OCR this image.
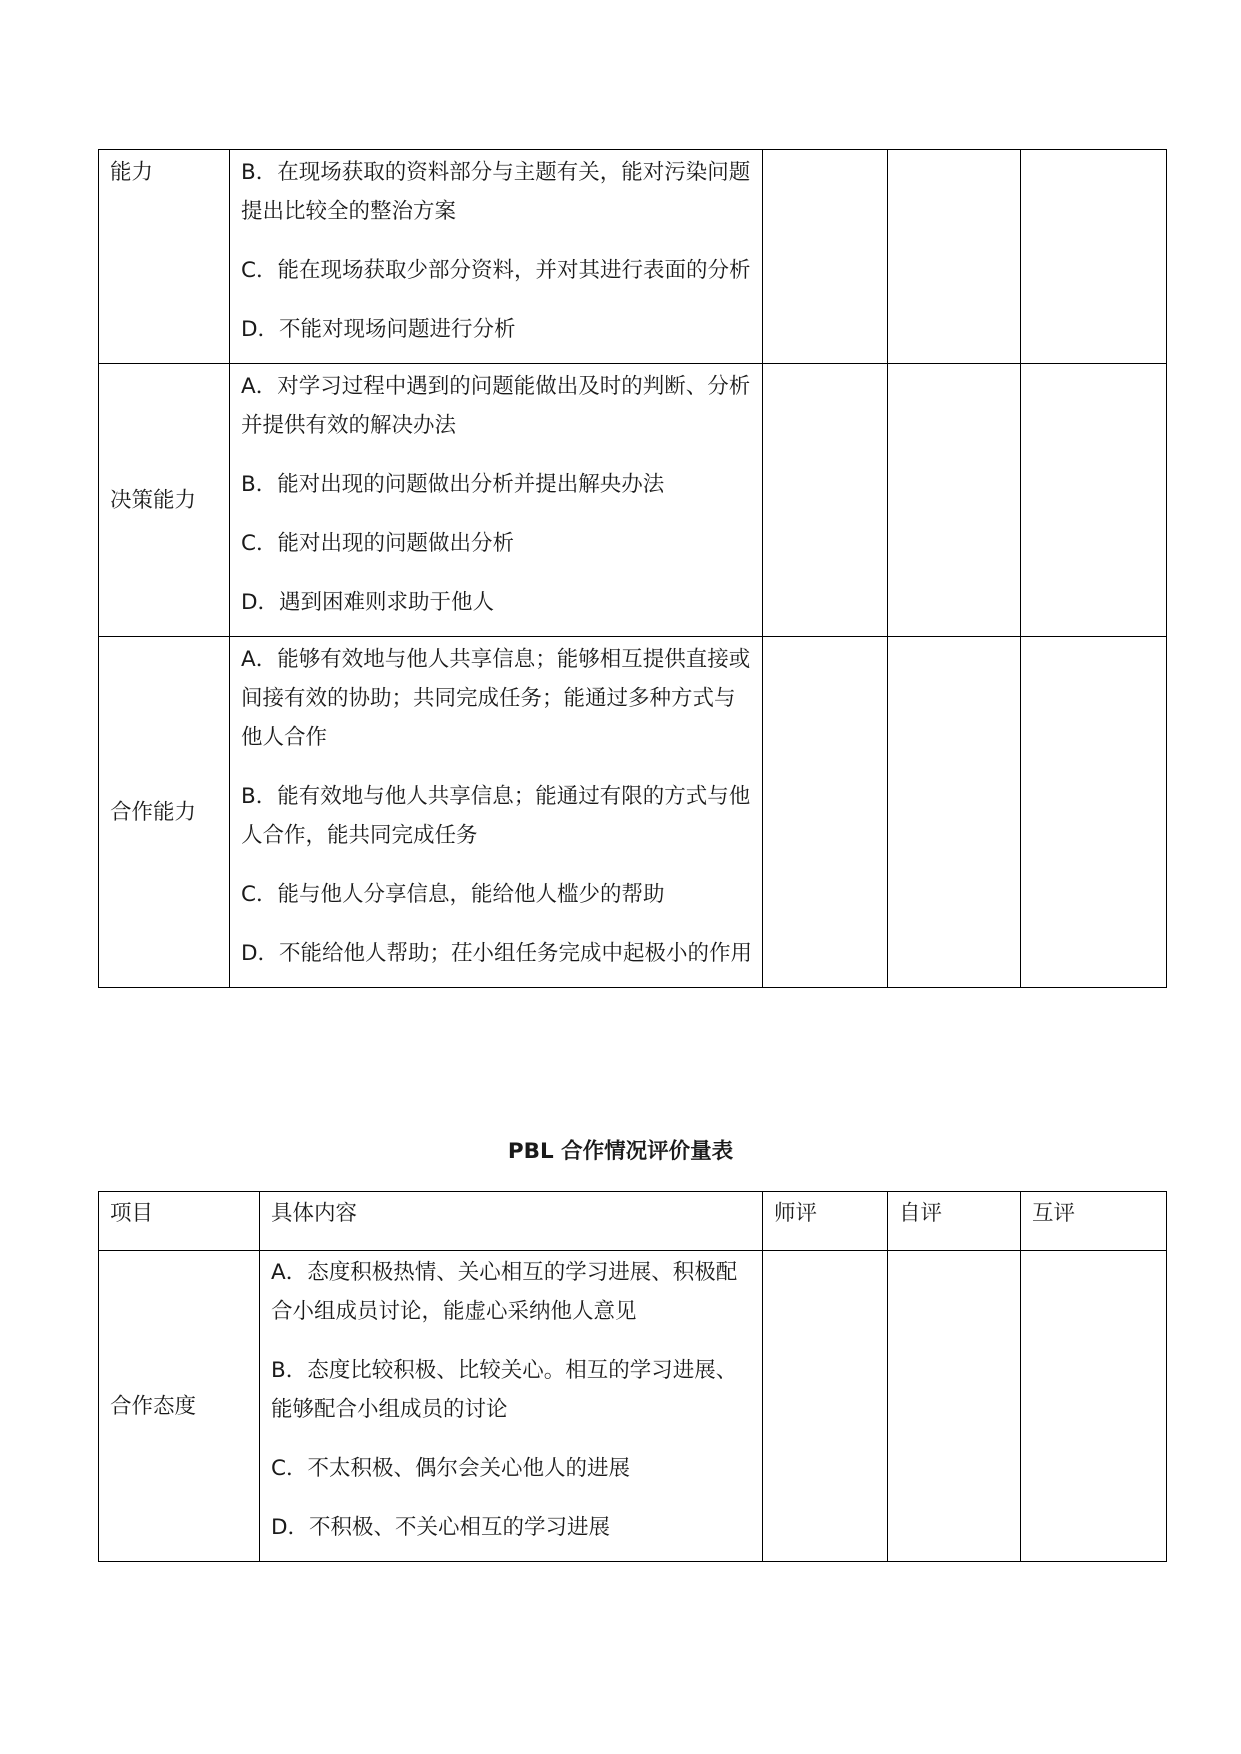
能力	B．在现场获取的资料部分与主题有关，能对污染问题提出比较全的整治方案
C．能在现场获取少部分资料，并对其进行表面的分析
D．不能对现场问题进行分析			

决策能力	A．对学习过程中遇到的问题能做出及时的判断、分析并提供有效的解决办法
B．能对出现的问题做出分析并提出解央办法
C．能对出现的问题做出分析
D．遇到困难则求助于他人			

合作能力	A．能够有效地与他人共享信息；能够相互提供直接或间接有效的协助；共同完成任务；能通过多种方式与他人合作
B．能有效地与他人共享信息；能通过有限的方式与他人合作，能共同完成任务
C．能与他人分享信息，能给他人槛少的帮助
D．不能给他人帮助；茌小组任务完成中起极小的作用			

PBL 合作情况评价量表
项目	具体内容	师评	自评	互评
合作态度	A．态度积极热情、关心相互的学习进展、积极配合小组成员讨论，能虚心采纳他人意见
B．态度比较积极、比较关心。相互的学习进展、能够配合小组成员的讨论
C．不太积极、偶尔会关心他人的进展
D．不积极、不关心相互的学习进展			
